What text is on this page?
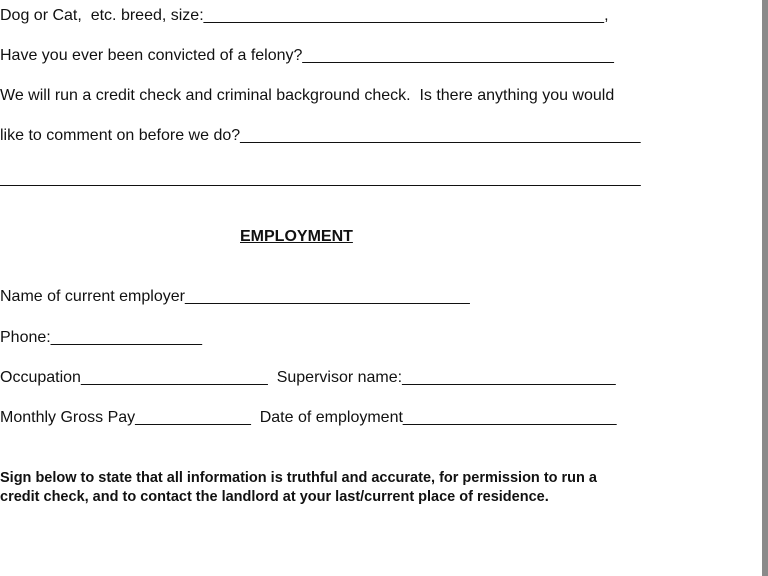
Dog or Cat,  etc. breed, size:_____________________________________________,
Have you ever been convicted of a felony?___________________________________
We will run a credit check and criminal background check.  Is there anything you would
like to comment on before we do?_____________________________________________
________________________________________________________________________
EMPLOYMENT
Name of current employer________________________________
Phone:_________________
Occupation_____________________  Supervisor name:________________________
Monthly Gross Pay_____________  Date of employment________________________
Sign below to state that all information is truthful and accurate, for permission to run a
credit check, and to contact the landlord at your last/current place of residence.
